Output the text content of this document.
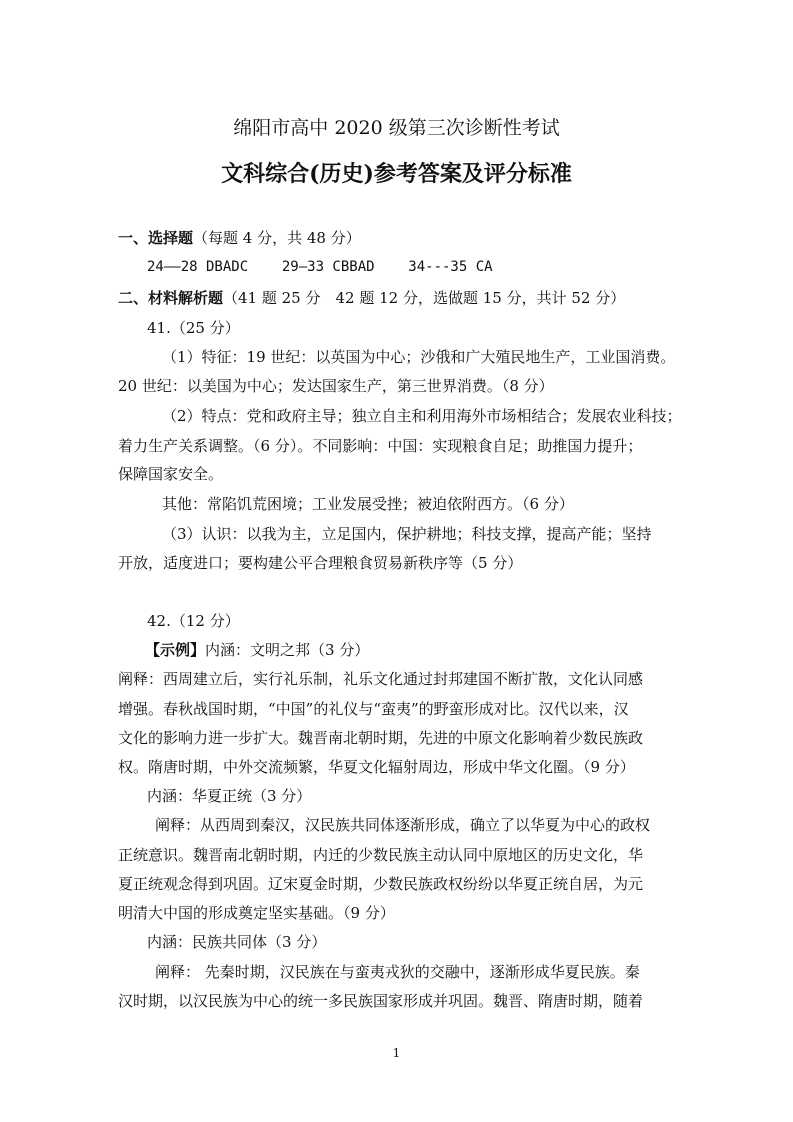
绵阳市高中 2020 级第三次诊断性考试
文科综合(历史)参考答案及评分标准
一、选择题（每题 4 分，共 48 分）
24——28 DBADC    29—33 CBBAD    34---35 CA
二、材料解析题（41 题 25 分　42 题 12 分，选做题 15 分，共计 52 分）
41.（25 分）
（1）特征：19 世纪：以英国为中心；沙俄和广大殖民地生产，工业国消费。
20 世纪：以美国为中心；发达国家生产，第三世界消费。（8 分）
（2）特点：党和政府主导；独立自主和利用海外市场相结合；发展农业科技；
着力生产关系调整。（6 分）。不同影响：中国：实现粮食自足；助推国力提升；
保障国家安全。
其他：常陷饥荒困境；工业发展受挫；被迫依附西方。（6 分）
（3）认识：以我为主，立足国内，保护耕地；科技支撑，提高产能；坚持
开放，适度进口；要构建公平合理粮食贸易新秩序等（5 分）
42.（12 分）
【示例】内涵：文明之邦（3 分）
阐释：西周建立后，实行礼乐制，礼乐文化通过封邦建国不断扩散，文化认同感
增强。春秋战国时期，“中国”的礼仪与“蛮夷”的野蛮形成对比。汉代以来，汉
文化的影响力进一步扩大。魏晋南北朝时期，先进的中原文化影响着少数民族政
权。隋唐时期，中外交流频繁，华夏文化辐射周边，形成中华文化圈。（9 分）
内涵：华夏正统（3 分）
阐释：从西周到秦汉，汉民族共同体逐渐形成，确立了以华夏为中心的政权
正统意识。魏晋南北朝时期，内迁的少数民族主动认同中原地区的历史文化，华
夏正统观念得到巩固。辽宋夏金时期，少数民族政权纷纷以华夏正统自居，为元
明清大中国的形成奠定坚实基础。（9 分）
内涵：民族共同体（3 分）
阐释： 先秦时期，汉民族在与蛮夷戎狄的交融中，逐渐形成华夏民族。秦
汉时期，以汉民族为中心的统一多民族国家形成并巩固。魏晋、隋唐时期，随着
1
